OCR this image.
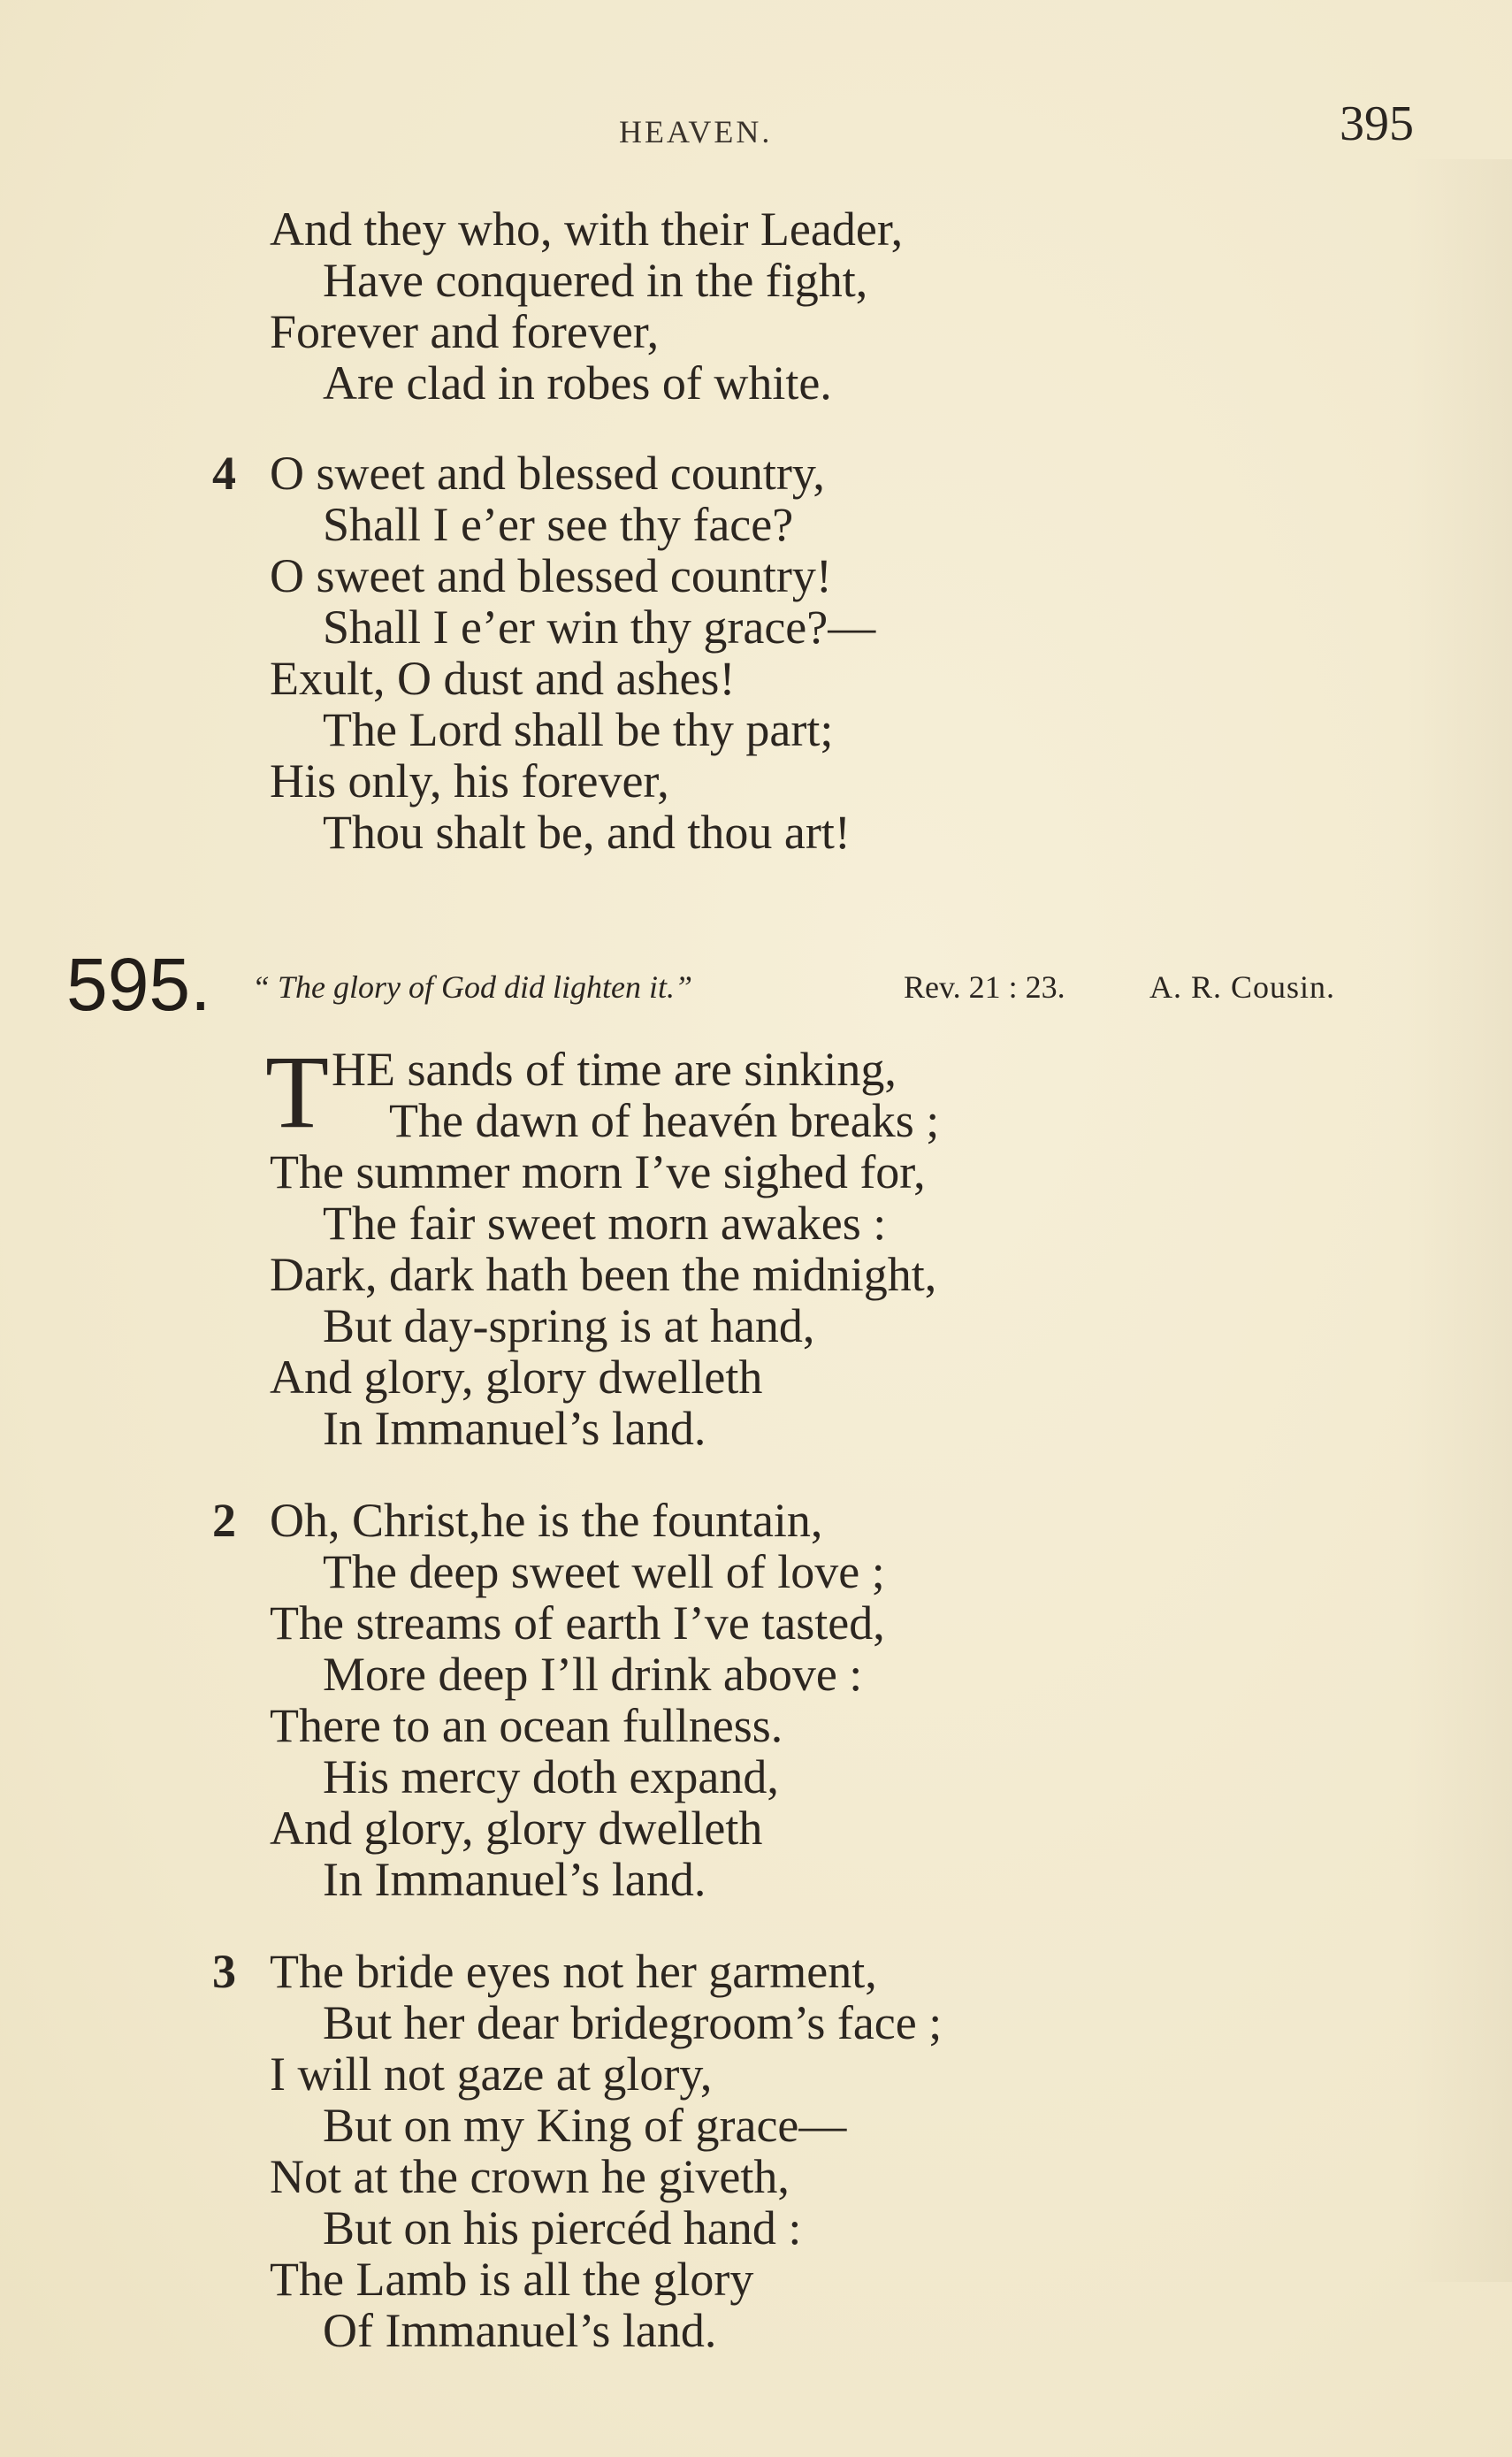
HEAVEN.	395
And they who, with their Leader,
Have conquered in the fight,
Forever and forever,
Are clad in robes of white.
4 O sweet and blessed country,
Shall I e’er see thy face?
O sweet and blessed country!
Shall I e’er win thy grace?—
Exult, O dust and ashes!
The Lord shall be thy part;
His only, his forever,
Thou shalt be, and thou art!
595. “ The glory of God did lighten it.”	Rev. 21 : 23.	A. R. Cousin.
T HE sands of time are sinking,
The dawn of heavén breaks ;
The summer morn I’ve sighed for,
The fair sweet morn awakes :
Dark, dark hath been the midnight,
But day-spring is at hand,
And glory, glory dwelleth
In Immanuel’s land.
2 Oh, Christ,he is the fountain,
The deep sweet well of love ;
The streams of earth I’ve tasted,
More deep I’ll drink above :
There to an ocean fullness.
His mercy doth expand,
And glory, glory dwelleth
In Immanuel’s land.
3 The bride eyes not her garment,
But her dear bridegroom’s face ;
I will not gaze at glory,
But on my King of grace—
Not at the crown he giveth,
But on his piercéd hand :
The Lamb is all the glory
Of Immanuel’s land.
